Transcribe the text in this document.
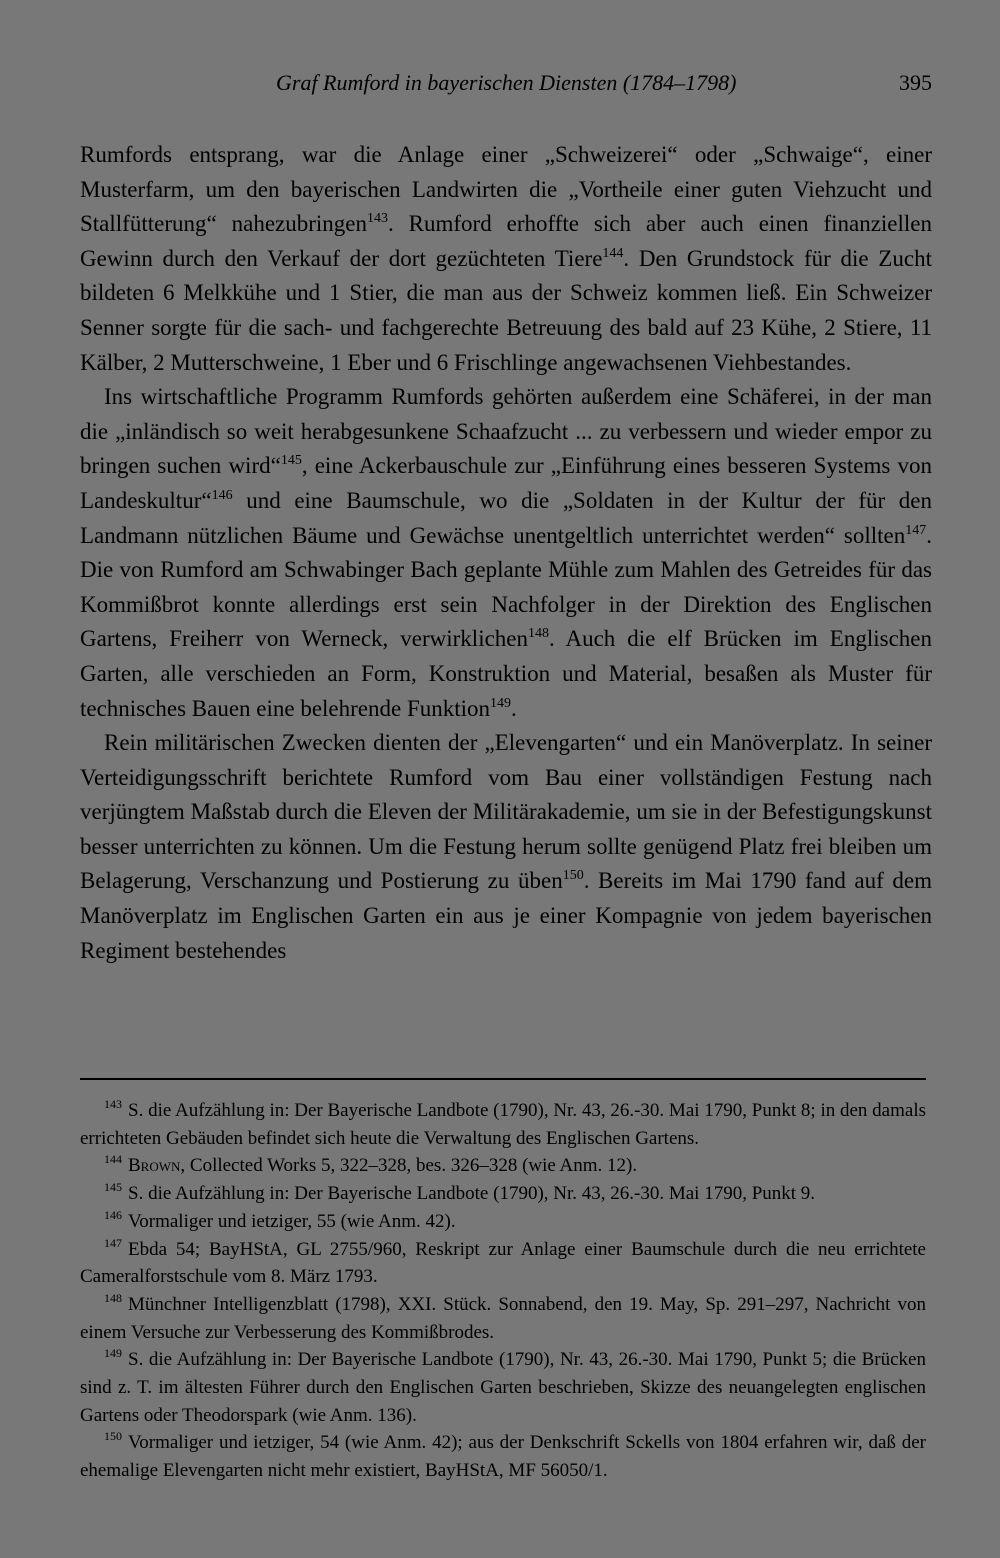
Graf Rumford in bayerischen Diensten (1784–1798)	395

Rumfords entsprang, war die Anlage einer „Schweizerei“ oder „Schwaige“, einer Musterfarm, um den bayerischen Landwirten die „Vortheile einer guten Viehzucht und Stallfütterung“ nahezubringen$^{143}$. Rumford erhoffte sich aber auch einen finanziellen Gewinn durch den Verkauf der dort gezüchteten Tiere$^{144}$. Den Grundstock für die Zucht bildeten 6 Melkkühe und 1 Stier, die man aus der Schweiz kommen ließ. Ein Schweizer Senner sorgte für die sach- und fachgerechte Betreuung des bald auf 23 Kühe, 2 Stiere, 11 Kälber, 2 Mutterschweine, 1 Eber und 6 Frischlinge angewachsenen Viehbestandes.

Ins wirtschaftliche Programm Rumfords gehörten außerdem eine Schäferei, in der man die „inländisch so weit herabgesunkene Schaafzucht ... zu verbessern und wieder empor zu bringen suchen wird“$^{145}$, eine Ackerbauschule zur „Einführung eines besseren Systems von Landeskultur“$^{146}$ und eine Baumschule, wo die „Soldaten in der Kultur der für den Landmann nützlichen Bäume und Gewächse unentgeltlich unterrichtet werden“ sollten$^{147}$. Die von Rumford am Schwabinger Bach geplante Mühle zum Mahlen des Getreides für das Kommißbrot konnte allerdings erst sein Nachfolger in der Direktion des Englischen Gartens, Freiherr von Werneck, verwirklichen$^{148}$. Auch die elf Brücken im Englischen Garten, alle verschieden an Form, Konstruktion und Material, besaßen als Muster für technisches Bauen eine belehrende Funktion$^{149}$.

Rein militärischen Zwecken dienten der „Elevengarten“ und ein Manöverplatz. In seiner Verteidigungsschrift berichtete Rumford vom Bau einer vollständigen Festung nach verjüngtem Maßstab durch die Eleven der Militärakademie, um sie in der Befestigungskunst besser unterrichten zu können. Um die Festung herum sollte genügend Platz frei bleiben um Belagerung, Verschanzung und Postierung zu üben$^{150}$. Bereits im Mai 1790 fand auf dem Manöverplatz im Englischen Garten ein aus je einer Kompagnie von jedem bayerischen Regiment bestehendes

$^{143}$ S. die Aufzählung in: Der Bayerische Landbote (1790), Nr. 43, 26.-30. Mai 1790, Punkt 8; in den damals errichteten Gebäuden befindet sich heute die Verwaltung des Englischen Gartens.

$^{144}$ Brown, Collected Works 5, 322–328, bes. 326–328 (wie Anm. 12).

$^{145}$ S. die Aufzählung in: Der Bayerische Landbote (1790), Nr. 43, 26.-30. Mai 1790, Punkt 9.

$^{146}$ Vormaliger und ietziger, 55 (wie Anm. 42).

$^{147}$ Ebda 54; BayHStA, GL 2755/960, Reskript zur Anlage einer Baumschule durch die neu errichtete Cameralforstschule vom 8. März 1793.

$^{148}$ Münchner Intelligenzblatt (1798), XXI. Stück. Sonnabend, den 19. May, Sp. 291–297, Nachricht von einem Versuche zur Verbesserung des Kommißbrodes.

$^{149}$ S. die Aufzählung in: Der Bayerische Landbote (1790), Nr. 43, 26.-30. Mai 1790, Punkt 5; die Brücken sind z. T. im ältesten Führer durch den Englischen Garten beschrieben, Skizze des neuangelegten englischen Gartens oder Theodorspark (wie Anm. 136).

$^{150}$ Vormaliger und ietziger, 54 (wie Anm. 42); aus der Denkschrift Sckells von 1804 erfahren wir, daß der ehemalige Elevengarten nicht mehr existiert, BayHStA, MF 56050/1.
